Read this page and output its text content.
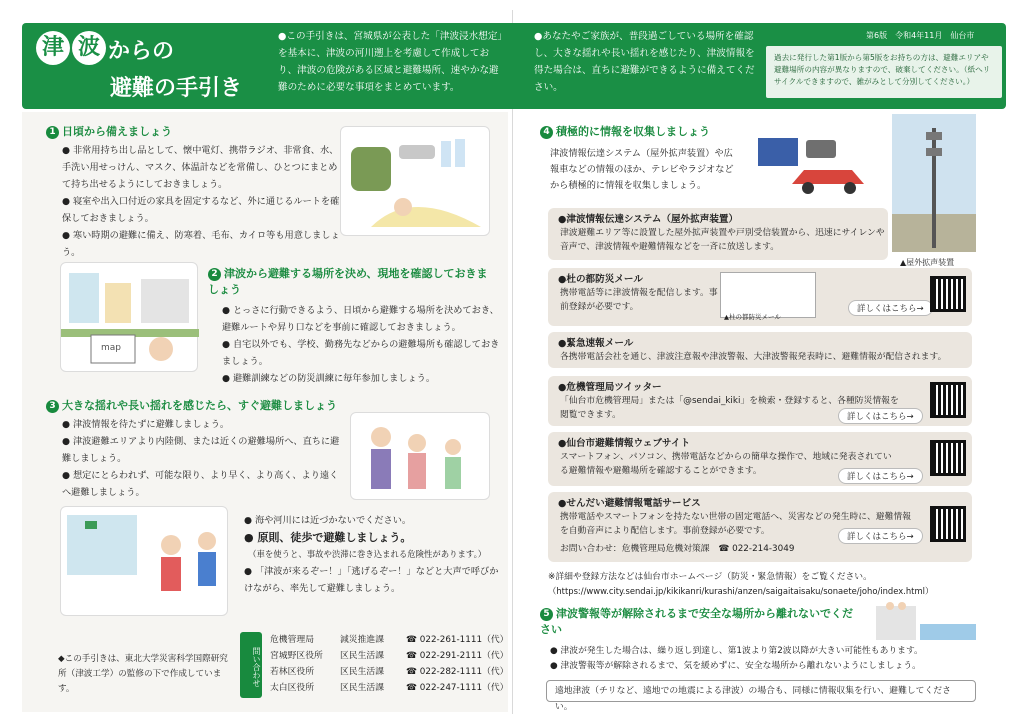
津 波 からの
避難の手引き
●この手引きは、宮城県が公表した「津波浸水想定」を基本に、津波の河川遡上を考慮して作成しており、津波の危険がある区域と避難場所、速やかな避難のために必要な事項をまとめています。
●あなたやご家族が、普段過ごしている場所を確認し、大きな揺れや長い揺れを感じたり、津波情報を得た場合は、直ちに避難ができるように備えてください。
第6版　令和4年11月　仙台市
過去に発行した第1版から第5版をお持ちの方は、避難エリアや避難場所の内容が異なりますので、破棄してください。（紙へリサイクルできますので、雑がみとして分別してください。）
1 日頃から備えましょう

● 非常用持ち出し品として、懐中電灯、携帯ラジオ、非常食、水、手洗い用せっけん、マスク、体温計などを常備し、ひとつにまとめて持ち出せるようにしておきましょう。

● 寝室や出入口付近の家具を固定するなど、外に通じるルートを確保しておきましょう。

● 寒い時期の避難に備え、防寒着、毛布、カイロ等も用意しましょう。

map
2 津波から避難する場所を決め、現地を確認しておきましょう

● とっさに行動できるよう、日頃から避難する場所を決めておき、避難ルートや昇り口などを事前に確認しておきましょう。

● 自宅以外でも、学校、勤務先などからの避難場所も確認しておきましょう。

● 避難訓練などの防災訓練に毎年参加しましょう。

3 大きな揺れや長い揺れを感じたら、すぐ避難しましょう

● 津波情報を待たずに避難しましょう。

● 津波避難エリアより内陸側、または近くの避難場所へ、直ちに避難しましょう。

● 想定にとらわれず、可能な限り、より早く、より高く、より遠くへ避難しましょう。

● 海や河川には近づかないでください。

● 原則、徒歩で避難しましょう。

　（車を使うと、事故や渋滞に巻き込まれる危険性があります。）

● 「津波が来るぞー！」「逃げるぞー！」などと大声で呼びかけながら、率先して避難しましょう。

◆この手引きは、東北大学災害科学国際研究所（津波工学）の監修の下で作成しています。
問い合わせ
危機管理局	減災推進課	☎ 022-261-1111（代）
宮城野区役所 区民生活課	☎ 022-291-2111（代）
若林区役所	区民生活課	☎ 022-282-1111（代）
太白区役所	区民生活課	☎ 022-247-1111（代）
4 積極的に情報を収集しましょう
津波情報伝達システム（屋外拡声装置）や広報車などの情報のほか、テレビやラジオなどから積極的に情報を収集しましょう。
▲屋外拡声装置
●津波情報伝達システム（屋外拡声装置）
津波避難エリア等に設置した屋外拡声装置や戸別受信装置から、迅速にサイレンや音声で、津波情報や避難情報などを一斉に放送します。
●杜の都防災メール
携帯電話等に津波情報を配信します。事前登録が必要です。
▲杜の都防災メール
詳しくはこちら→
●緊急速報メール
各携帯電話会社を通じ、津波注意報や津波警報、大津波警報発表時に、避難情報が配信されます。
●危機管理局ツイッター
「仙台市危機管理局」または「@sendai_kiki」を検索・登録すると、各種防災情報を閲覧できます。	詳しくはこちら→
●仙台市避難情報ウェブサイト
スマートフォン、パソコン、携帯電話などからの簡単な操作で、地域に発表されている避難情報や避難場所を確認することができます。
詳しくはこちら→
●せんだい避難情報電話サービス
携帯電話やスマートフォンを持たない世帯の固定電話へ、災害などの発生時に、避難情報を自動音声により配信します。事前登録が必要です。
お問い合わせ：危機管理局危機対策課　☎ 022-214-3049
詳しくはこちら→
※詳細や登録方法などは仙台市ホームページ（防災・緊急情報）をご覧ください。
（https://www.city.sendai.jp/kikikanri/kurashi/anzen/saigaitaisaku/sonaete/joho/index.html）
5 津波警報等が解除されるまで安全な場所から離れないでください

● 津波が発生した場合は、繰り返し到達し、第1波より第2波以降が大きい可能性もあります。

● 津波警報等が解除されるまで、気を緩めずに、安全な場所から離れないようにしましょう。

遠地津波（チリなど、遠地での地震による津波）の場合も、同様に情報収集を行い、避難してください。
